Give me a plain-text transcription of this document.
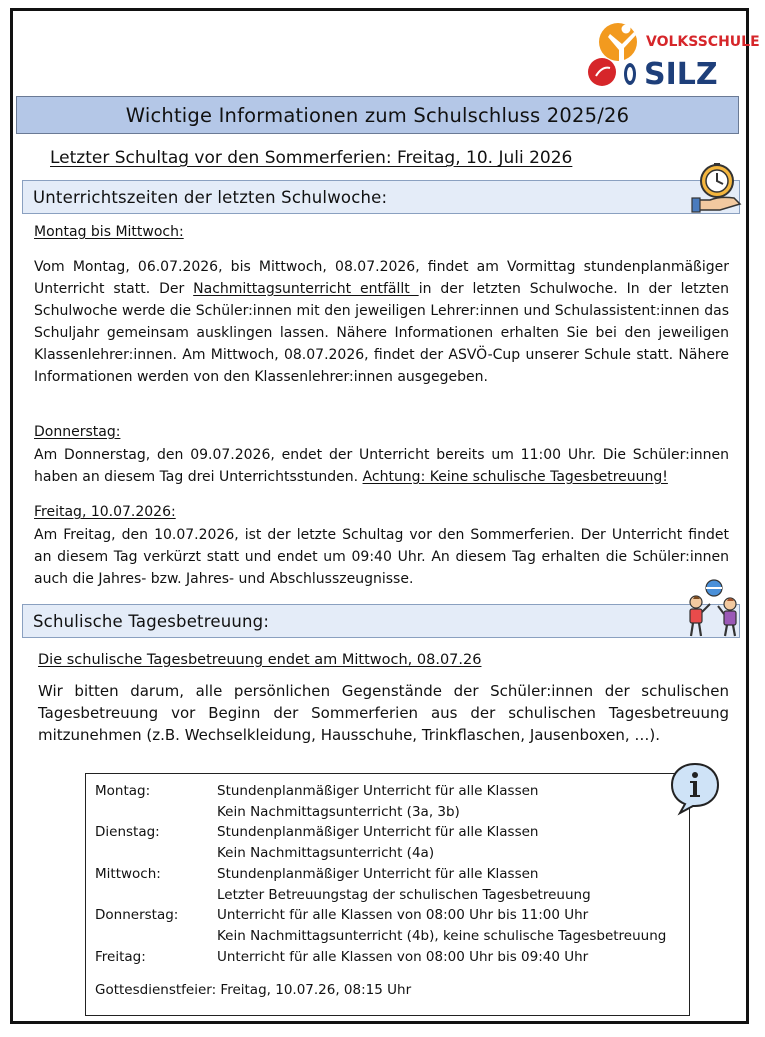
VOLKSSCHULE
SILZ
Wichtige Informationen zum Schulschluss 2025/26
Letzter Schultag vor den Sommerferien: Freitag, 10. Juli 2026
Unterrichtszeiten der letzten Schulwoche:
Montag bis Mittwoch:
Vom Montag, 06.07.2026, bis Mittwoch, 08.07.2026, findet am Vormittag stundenplanmäßiger Unterricht statt. Der Nachmittagsunterricht entfällt in der letzten Schulwoche. In der letzten Schulwoche werde die Schüler:innen mit den jeweiligen Lehrer:innen und Schulassistent:innen das Schuljahr gemeinsam ausklingen lassen. Nähere Informationen erhalten Sie bei den jeweiligen Klassenlehrer:innen. Am Mittwoch, 08.07.2026, findet der ASVÖ-Cup unserer Schule statt. Nähere Informationen werden von den Klassenlehrer:innen ausgegeben.
Donnerstag:
Am Donnerstag, den 09.07.2026, endet der Unterricht bereits um 11:00 Uhr. Die Schüler:innen haben an diesem Tag drei Unterrichtsstunden. Achtung: Keine schulische Tagesbetreuung!
Freitag, 10.07.2026:
Am Freitag, den 10.07.2026, ist der letzte Schultag vor den Sommerferien. Der Unterricht findet an diesem Tag verkürzt statt und endet um 09:40 Uhr. An diesem Tag erhalten die Schüler:innen auch die Jahres- bzw. Jahres- und Abschlusszeugnisse.
Schulische Tagesbetreuung:
Die schulische Tagesbetreuung endet am Mittwoch, 08.07.26
Wir bitten darum, alle persönlichen Gegenstände der Schüler:innen der schulischen Tagesbetreuung vor Beginn der Sommerferien aus der schulischen Tagesbetreuung mitzunehmen (z.B. Wechselkleidung, Hausschuhe, Trinkflaschen, Jausenboxen, …).
Montag:	Stundenplanmäßiger Unterricht für alle Klassen
Kein Nachmittagsunterricht (3a, 3b)
Dienstag:	Stundenplanmäßiger Unterricht für alle Klassen
Kein Nachmittagsunterricht (4a)
Mittwoch:	Stundenplanmäßiger Unterricht für alle Klassen
Letzter Betreuungstag der schulischen Tagesbetreuung
Donnerstag:	Unterricht für alle Klassen von 08:00 Uhr bis 11:00 Uhr
Kein Nachmittagsunterricht (4b), keine schulische Tagesbetreuung
Freitag:	Unterricht für alle Klassen von 08:00 Uhr bis 09:40 Uhr
Gottesdienstfeier: Freitag, 10.07.26, 08:15 Uhr
